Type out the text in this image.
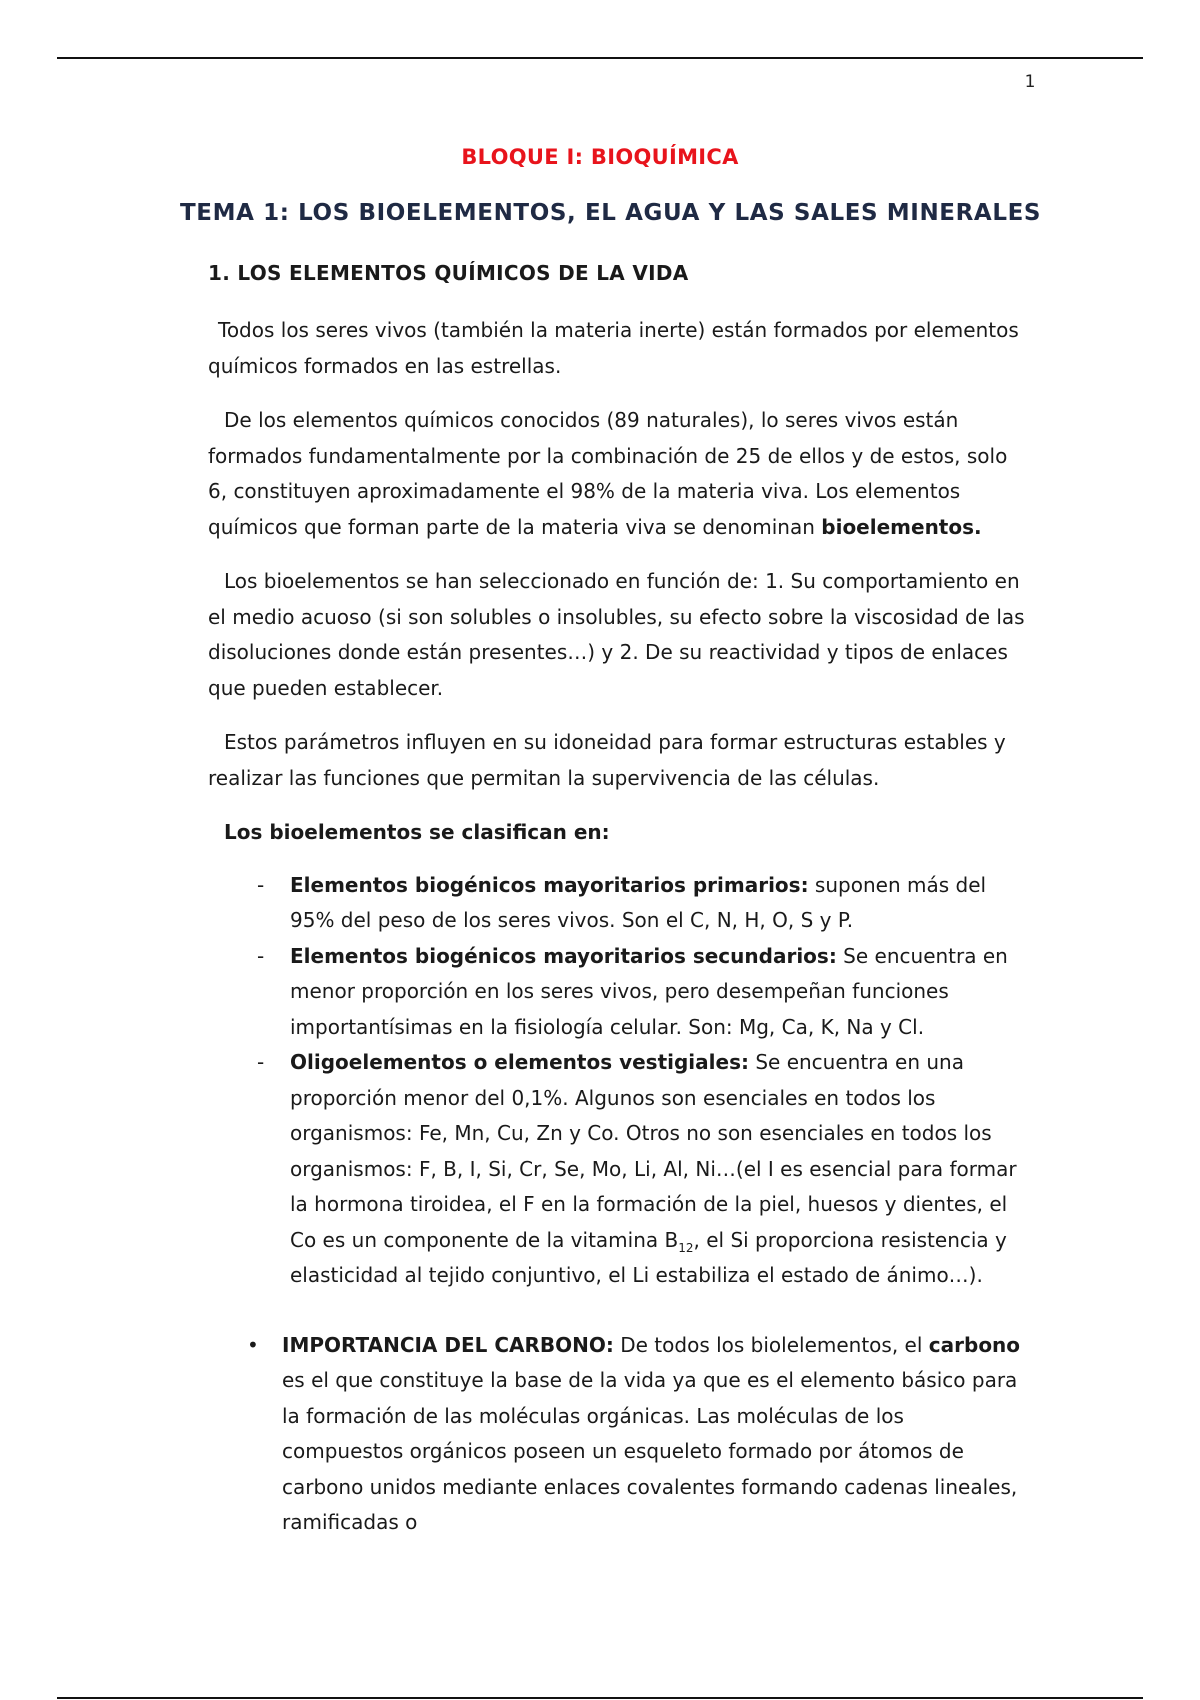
1
BLOQUE I: BIOQUÍMICA
TEMA 1: LOS BIOELEMENTOS, EL AGUA Y LAS SALES MINERALES
1. LOS ELEMENTOS QUÍMICOS DE LA VIDA

Todos los seres vivos (también la materia inerte) están formados por elementos químicos formados en las estrellas.

De los elementos químicos conocidos (89 naturales), lo seres vivos están formados fundamentalmente por la combinación de 25 de ellos y de estos, solo 6, constituyen aproximadamente el 98% de la materia viva. Los elementos químicos que forman parte de la materia viva se denominan bioelementos.

Los bioelementos se han seleccionado en función de: 1. Su comportamiento en el medio acuoso (si son solubles o insolubles, su efecto sobre la viscosidad de las disoluciones donde están presentes…) y 2. De su reactividad y tipos de enlaces que pueden establecer.

Estos parámetros influyen en su idoneidad para formar estructuras estables y realizar las funciones que permitan la supervivencia de las células.

Los bioelementos se clasifican en:
- Elementos biogénicos mayoritarios primarios: suponen más del 95% del peso de los seres vivos. Son el C, N, H, O, S y P.
- Elementos biogénicos mayoritarios secundarios: Se encuentra en menor proporción en los seres vivos, pero desempeñan funciones importantísimas en la fisiología celular. Son: Mg, Ca, K, Na y Cl.
- Oligoelementos o elementos vestigiales: Se encuentra en una proporción menor del 0,1%. Algunos son esenciales en todos los organismos: Fe, Mn, Cu, Zn y Co. Otros no son esenciales en todos los organismos: F, B, I, Si, Cr, Se, Mo, Li, Al, Ni…(el I es esencial para formar la hormona tiroidea, el F en la formación de la piel, huesos y dientes, el Co es un componente de la vitamina $B_{12}$, el Si proporciona resistencia y elasticidad al tejido conjuntivo, el Li estabiliza el estado de ánimo…).
• IMPORTANCIA DEL CARBONO: De todos los biolelementos, el carbono es el que constituye la base de la vida ya que es el elemento básico para la formación de las moléculas orgánicas. Las moléculas de los compuestos orgánicos poseen un esqueleto formado por átomos de carbono unidos mediante enlaces covalentes formando cadenas lineales, ramificadas o
